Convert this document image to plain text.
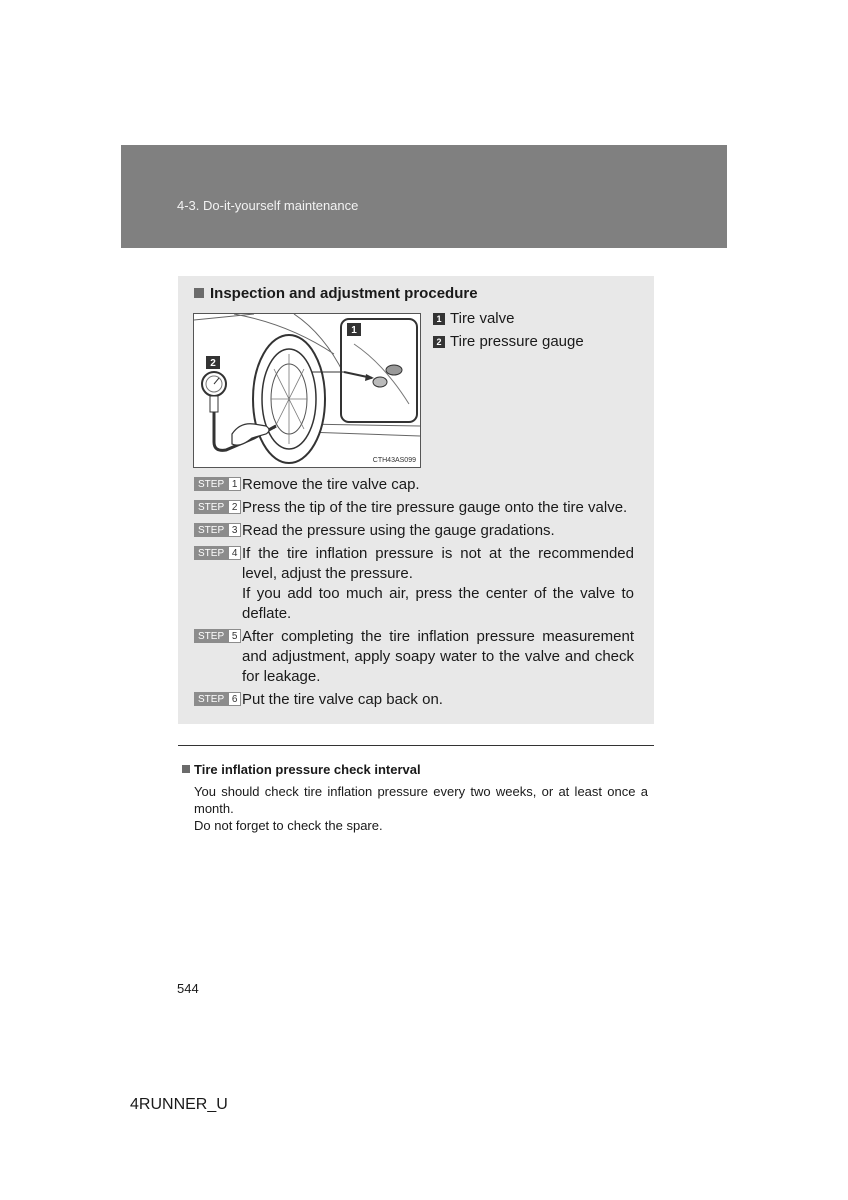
4-3. Do-it-yourself maintenance
Inspection and adjustment procedure
1
2
CTH43AS099
1 Tire valve
2 Tire pressure gauge
STEP 1 Remove the tire valve cap.
STEP 2 Press the tip of the tire pressure gauge onto the tire valve.
STEP 3 Read the pressure using the gauge gradations.
STEP 4 If the tire inflation pressure is not at the recommended level, adjust the pressure.
If you add too much air, press the center of the valve to deflate.
STEP 5 After completing the tire inflation pressure measurement and adjustment, apply soapy water to the valve and check for leakage.
STEP 6 Put the tire valve cap back on.
Tire inflation pressure check interval
You should check tire inflation pressure every two weeks, or at least once a month.
Do not forget to check the spare.
544
4RUNNER_U
